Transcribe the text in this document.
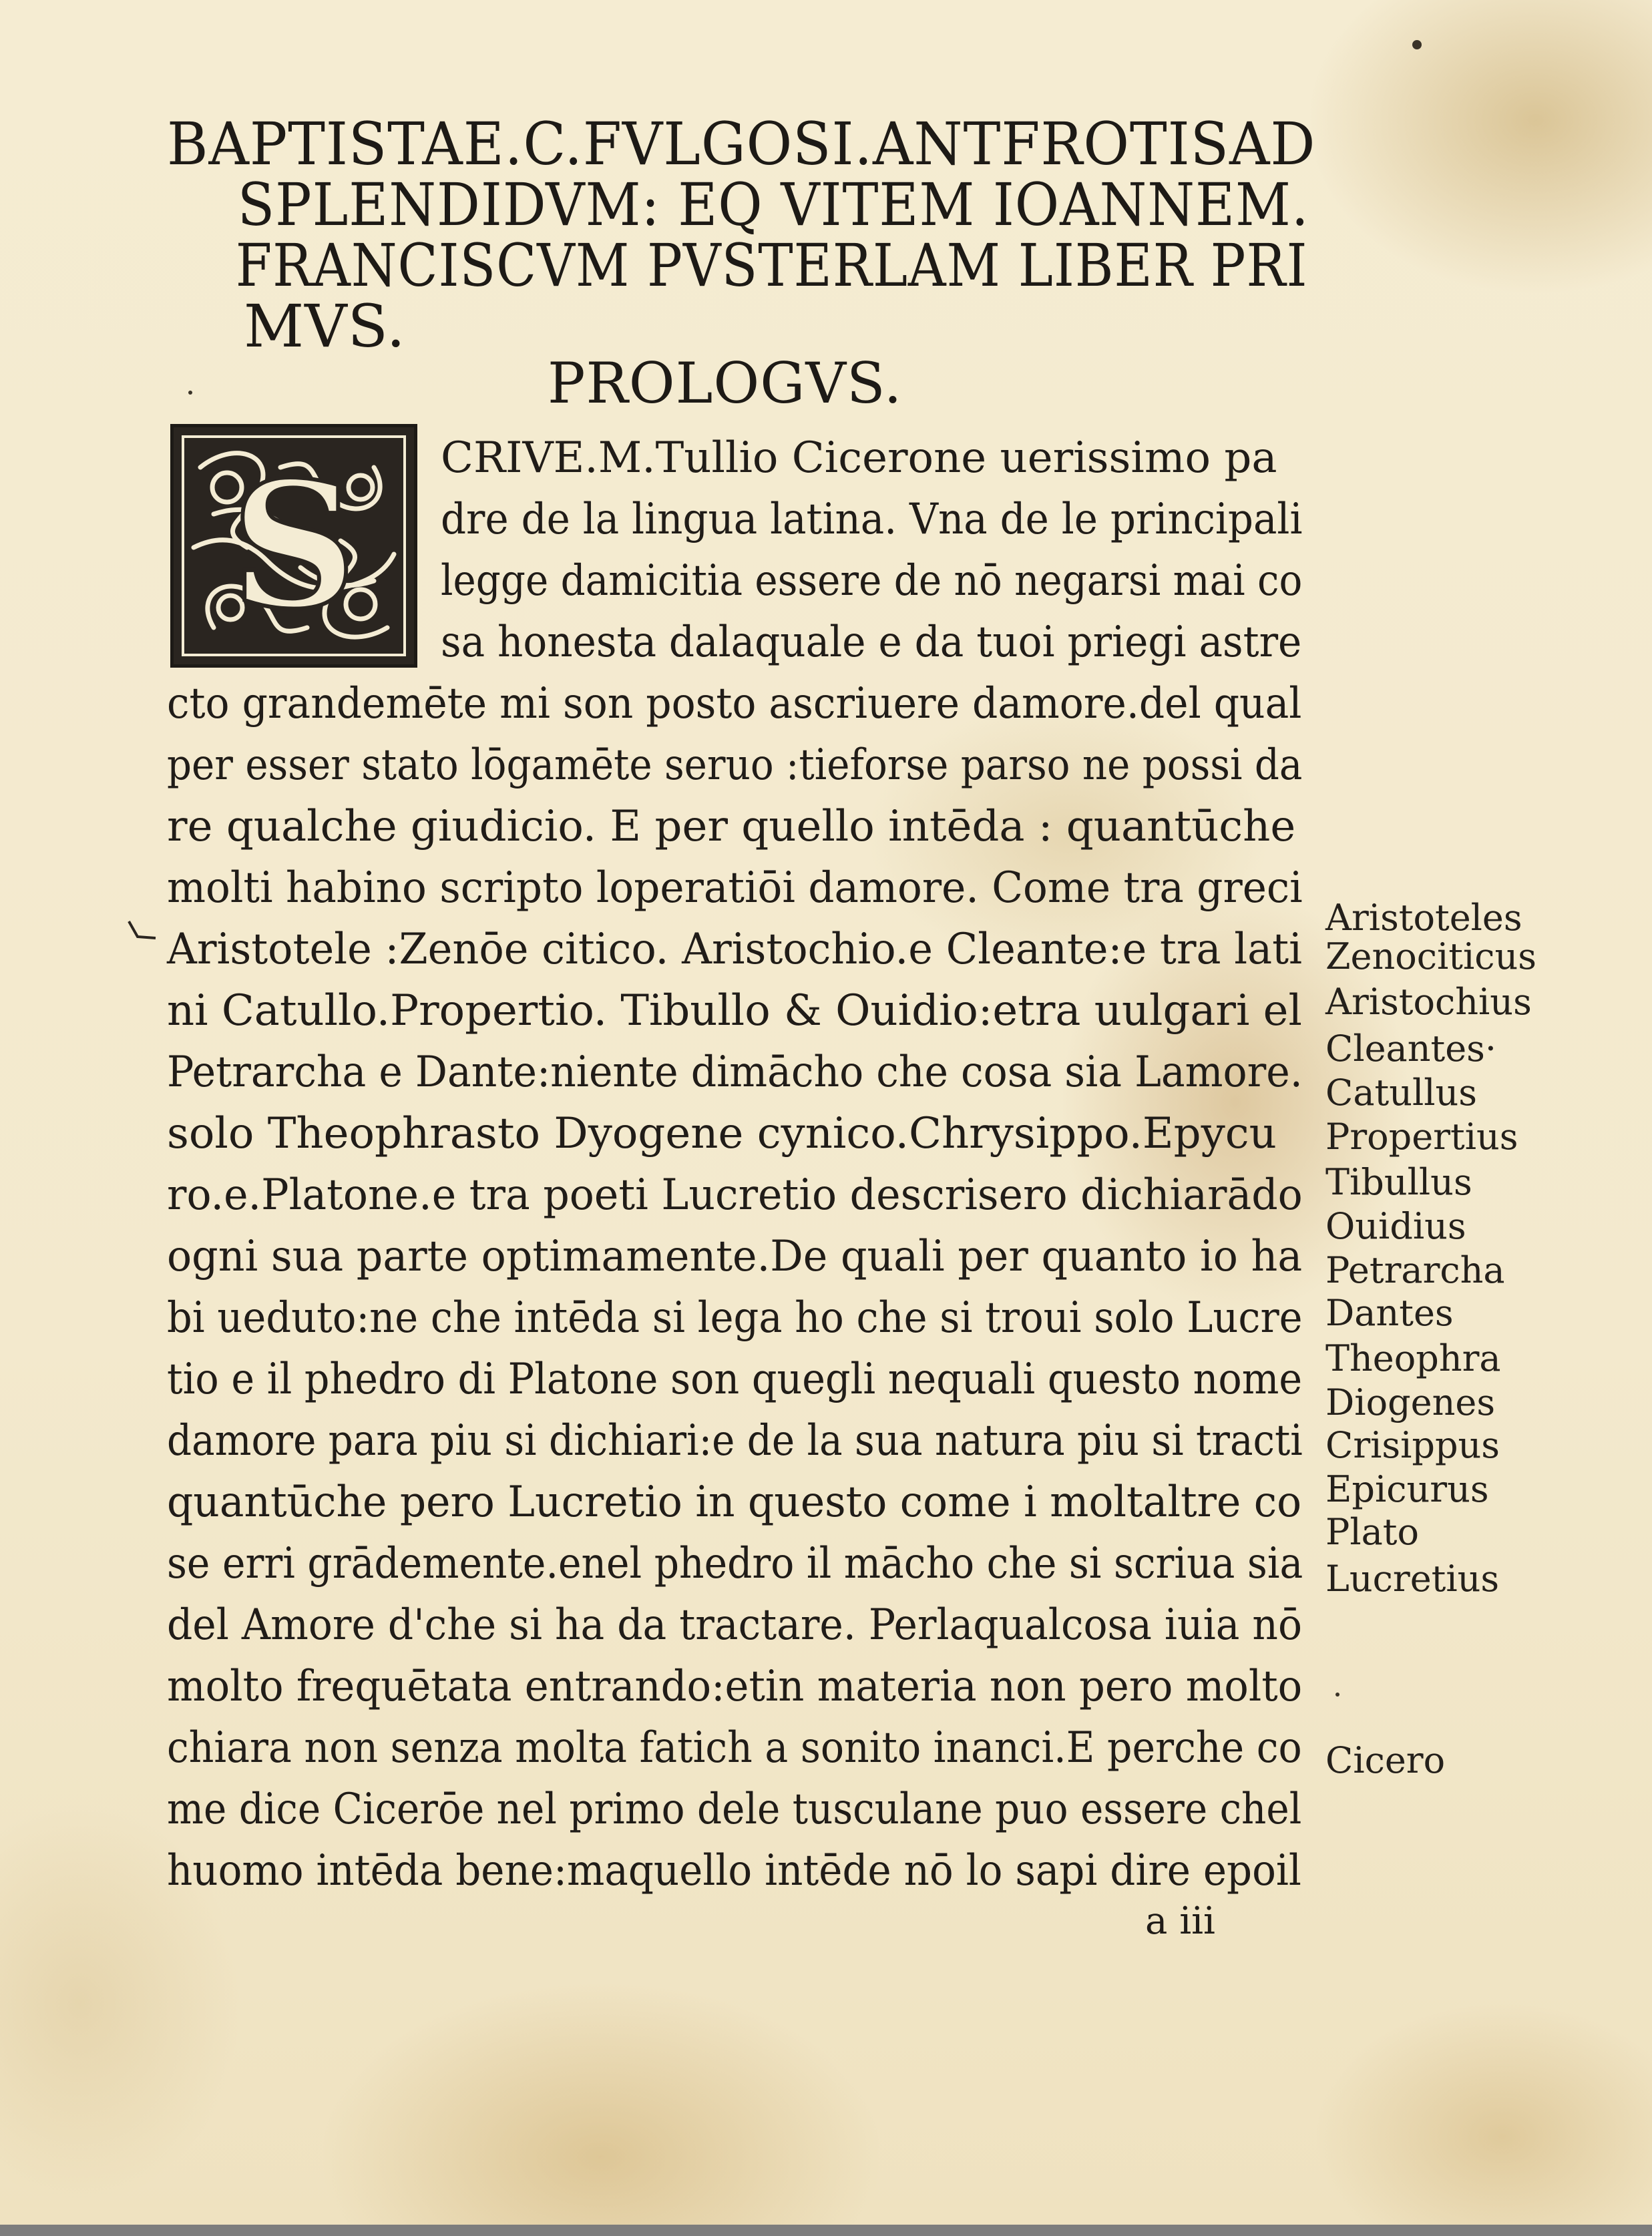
BAPTISTAE.C.FVLGOSI.ANTFROTISAD
SPLENDIDVM: EQ VITEM IOANNEM.
FRANCISCVM PVSTERLAM LIBER PRI
MVS.
PROLOGVS.
S CRIVE.M.Tullio Cicerone uerissimo pa
dre de la lingua latina. Vna de le principali
legge damicitia essere de nō negarsi mai co
sa honesta dalaquale e da tuoi priegi astre
cto grandemēte mi son posto ascriuere damore.del qual
per esser stato lōgamēte seruo :tieforse parso ne possi da
re qualche giudicio. E per quello intēda : quantūche
molti habino scripto loperatiōi damore. Come tra greci
Aristotele :Zenōe citico. Aristochio.e Cleante:e tra lati
ni Catullo.Propertio. Tibullo & Ouidio:etra uulgari el
Petrarcha e Dante:niente dimācho che cosa sia Lamore.
solo Theophrasto Dyogene cynico.Chrysippo.Epycu
ro.e.Platone.e tra poeti Lucretio descrisero dichiarādo
ogni sua parte optimamente.De quali per quanto io ha
bi ueduto:ne che intēda si lega ho che si troui solo Lucre
tio e il phedro di Platone son quegli nequali questo nome
damore para piu si dichiari:e de la sua natura piu si tracti
quantūche pero Lucretio in questo come i moltaltre co
se erri grādemente.enel phedro il mācho che si scriua sia
del Amore d'che si ha da tractare. Perlaqualcosa iuia nō
molto frequētata entrando:etin materia non pero molto
chiara non senza molta fatich a sonito inanci.E perche co
me dice Cicerōe nel primo dele tusculane puo essere chel
huomo intēda bene:maquello intēde nō lo sapi dire epoil
Aristoteles
Zenociticus
Aristochius
Cleantes·
Catullus
Propertius
Tibullus
Ouidius
Petrarcha
Dantes
Theophra
Diogenes
Crisippus
Epicurus
Plato
Lucretius
Cicero
a iii
